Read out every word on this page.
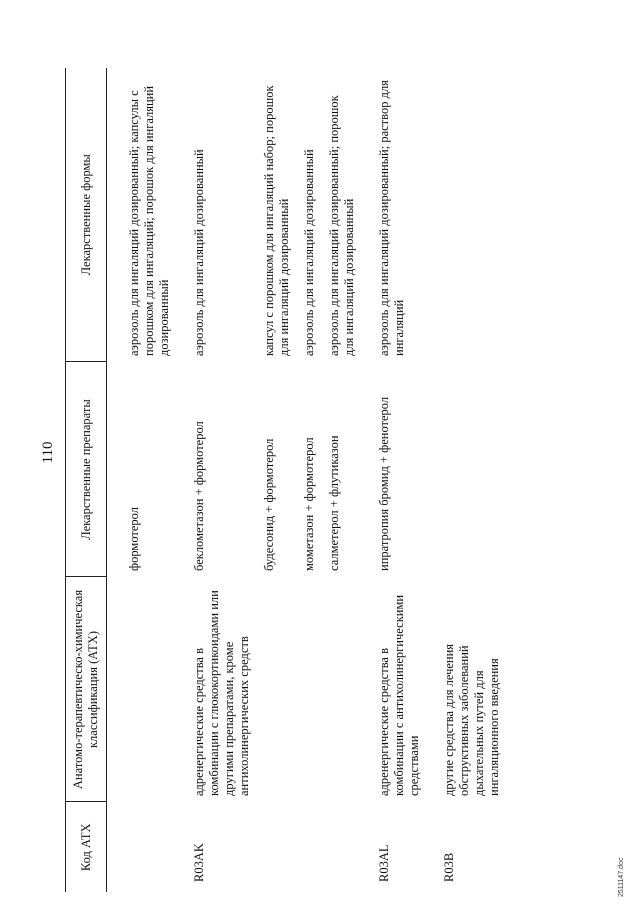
110
Код АТХ	Анатомо-терапевтическо-химическая классификация (АТХ)	Лекарственные препараты	Лекарственные формы
		формотерол	аэрозоль для ингаляций дозированный; капсулы с порошком для ингаляций; порошок для ингаляций дозированный
R03AK	адренергические средства в комбинации с глюкокортикоидами или другими препаратами, кроме антихолинергических средств	беклометазон + формотерол	аэрозоль для ингаляций дозированный
		будесонид + формотерол	капсул с порошком для ингаляций набор; порошок для ингаляций дозированный
		мометазон + формотерол	аэрозоль для ингаляций дозированный
		салметерол + флутиказон	аэрозоль для ингаляций дозированный; порошок для ингаляций дозированный
R03AL	адренергические средства в комбинации с антихолинергическими средствами	ипратропия бромид + фенотерол	аэрозоль для ингаляций дозированный; раствор для ингаляций
R03B	другие средства для лечения обструктивных заболеваний дыхательных путей для ингаляционного введения		
2511147.doc
